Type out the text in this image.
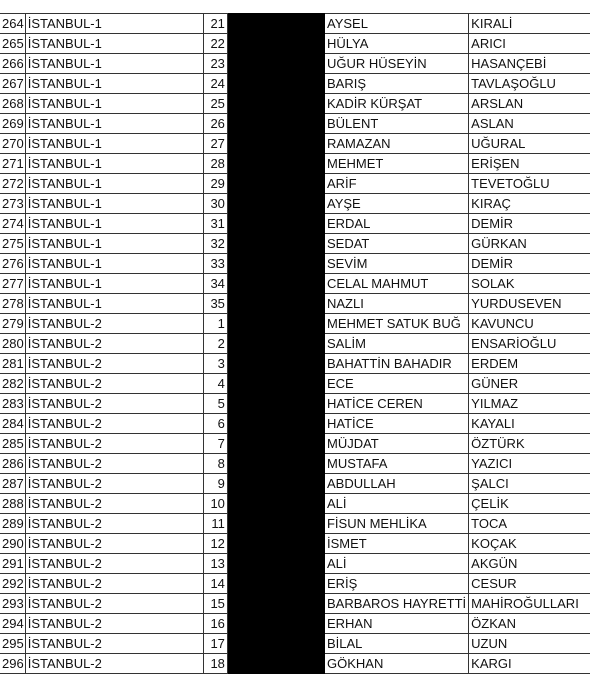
264	İSTANBUL-1	21		AYSEL	KIRALİ
265	İSTANBUL-1	22		HÜLYA	ARICI
266	İSTANBUL-1	23		UĞUR HÜSEYİN	HASANÇEBİ
267	İSTANBUL-1	24		BARIŞ	TAVLAŞOĞLU
268	İSTANBUL-1	25		KADİR KÜRŞAT	ARSLAN
269	İSTANBUL-1	26		BÜLENT	ASLAN
270	İSTANBUL-1	27		RAMAZAN	UĞURAL
271	İSTANBUL-1	28		MEHMET	ERİŞEN
272	İSTANBUL-1	29		ARİF	TEVETOĞLU
273	İSTANBUL-1	30		AYŞE	KIRAÇ
274	İSTANBUL-1	31		ERDAL	DEMİR
275	İSTANBUL-1	32		SEDAT	GÜRKAN
276	İSTANBUL-1	33		SEVİM	DEMİR
277	İSTANBUL-1	34		CELAL MAHMUT	SOLAK
278	İSTANBUL-1	35		NAZLI	YURDUSEVEN
279	İSTANBUL-2	1		MEHMET SATUK BUĞ	KAVUNCU
280	İSTANBUL-2	2		SALİM	ENSARİOĞLU
281	İSTANBUL-2	3		BAHATTİN BAHADIR	ERDEM
282	İSTANBUL-2	4		ECE	GÜNER
283	İSTANBUL-2	5		HATİCE CEREN	YILMAZ
284	İSTANBUL-2	6		HATİCE	KAYALI
285	İSTANBUL-2	7		MÜJDAT	ÖZTÜRK
286	İSTANBUL-2	8		MUSTAFA	YAZICI
287	İSTANBUL-2	9		ABDULLAH	ŞALCI
288	İSTANBUL-2	10		ALİ	ÇELİK
289	İSTANBUL-2	11		FİSUN MEHLİKA	TOCA
290	İSTANBUL-2	12		İSMET	KOÇAK
291	İSTANBUL-2	13		ALİ	AKGÜN
292	İSTANBUL-2	14		ERİŞ	CESUR
293	İSTANBUL-2	15		BARBAROS HAYRETTİ	MAHİROĞULLARI
294	İSTANBUL-2	16		ERHAN	ÖZKAN
295	İSTANBUL-2	17		BİLAL	UZUN
296	İSTANBUL-2	18		GÖKHAN	KARGI
